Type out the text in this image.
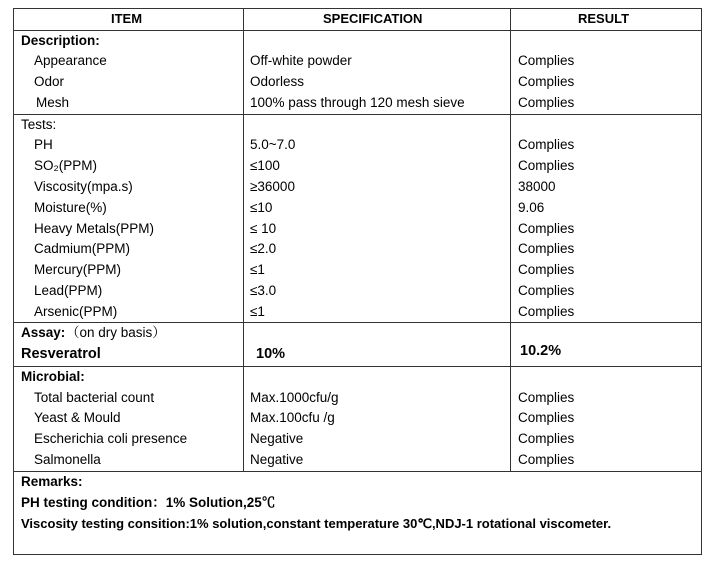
ITEM	SPECIFICATION	RESULT
Description:
Appearance	Off-white powder	Complies
Odor	Odorless	Complies
Mesh	100% pass through 120 mesh sieve	Complies
Tests:
PH	5.0~7.0	Complies
SO₂(PPM)	≤100	Complies
Viscosity(mpa.s)	≥36000	38000
Moisture(%)	≤10	9.06
Heavy Metals(PPM)	≤ 10	Complies
Cadmium(PPM)	≤2.0	Complies
Mercury(PPM)	≤1	Complies
Lead(PPM)	≤3.0	Complies
Arsenic(PPM)	≤1	Complies
Assay: （on dry basis）
Resveratrol	10%	10.2%
Microbial:
Total bacterial count	Max.1000cfu/g	Complies
Yeast & Mould	Max.100cfu /g	Complies
Escherichia coli presence	Negative	Complies
Salmonella	Negative	Complies
Remarks:
PH testing condition：1% Solution,25℃
Viscosity testing consition:1% solution,constant temperature 30℃,NDJ-1 rotational viscometer.
